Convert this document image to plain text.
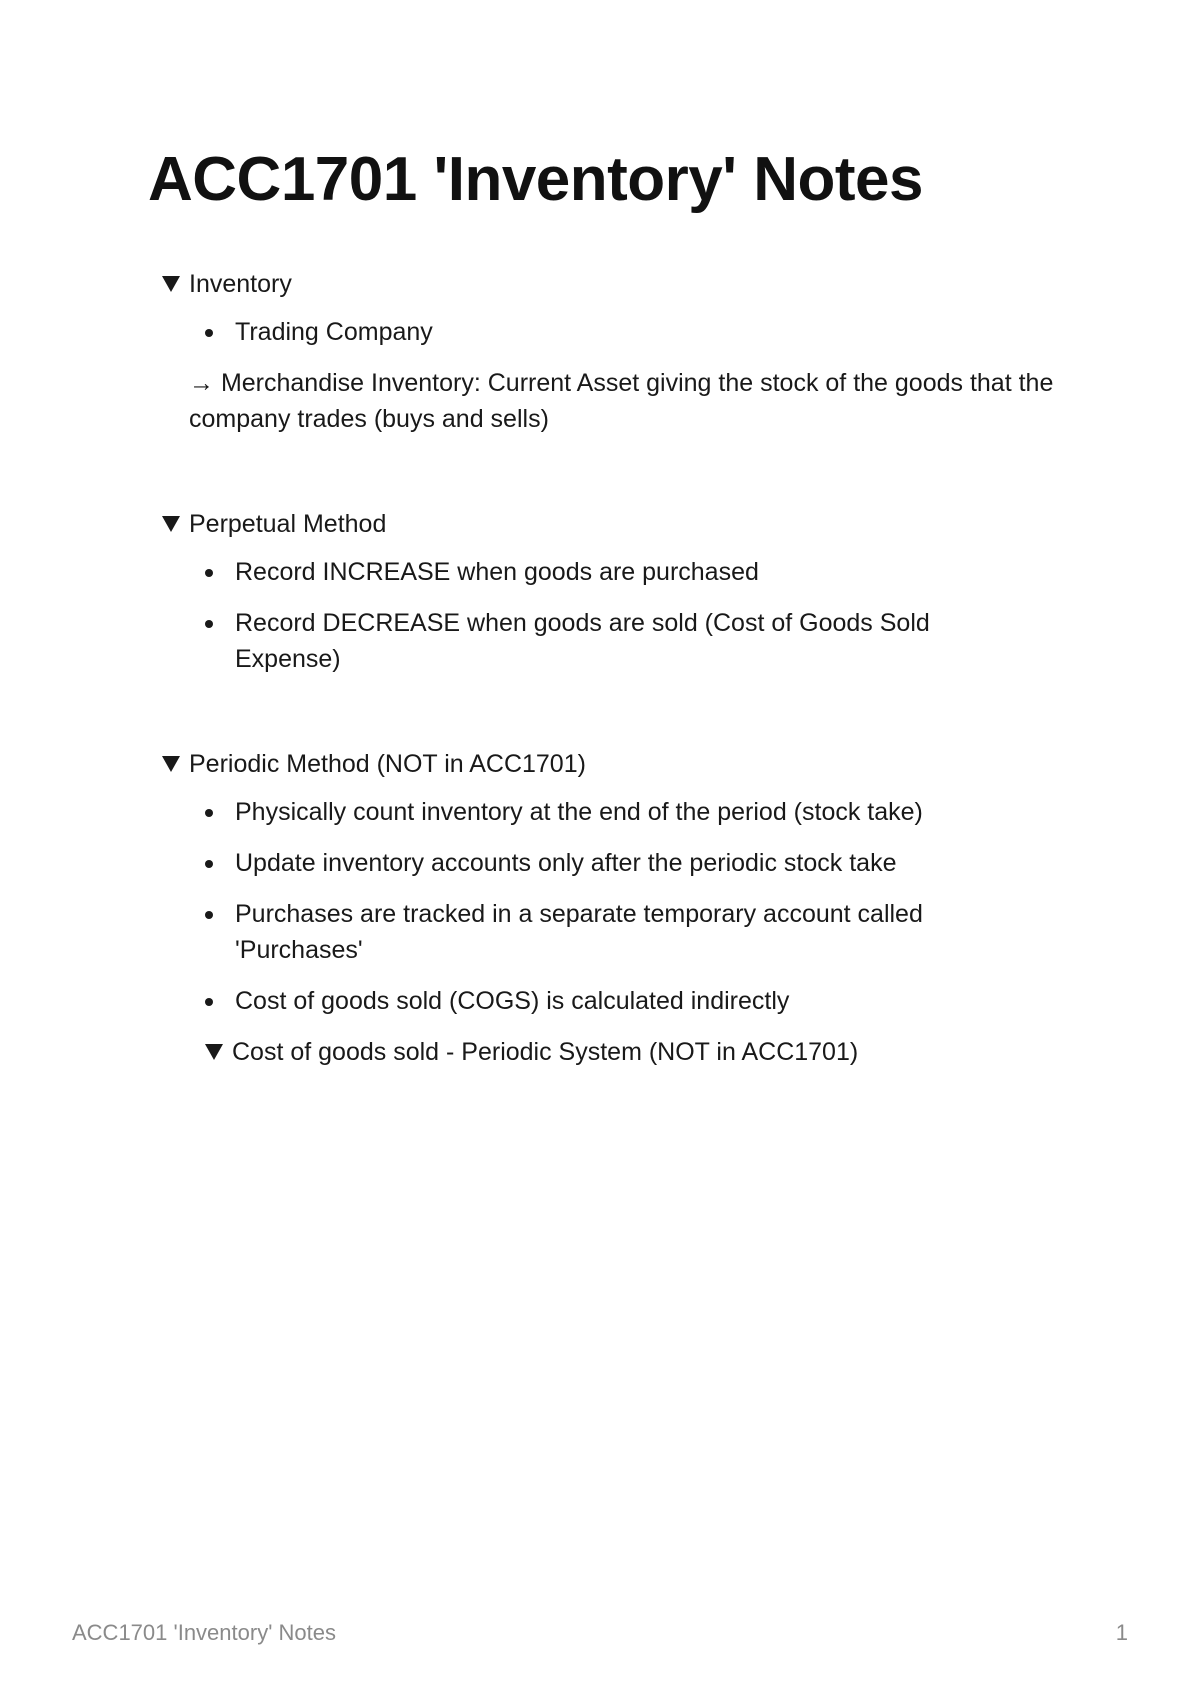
ACC1701 'Inventory' Notes
Inventory
Trading Company
→ Merchandise Inventory: Current Asset giving the stock of the goods that the company trades (buys and sells)
Perpetual Method
Record INCREASE when goods are purchased
Record DECREASE when goods are sold (Cost of Goods Sold Expense)
Periodic Method (NOT in ACC1701)
Physically count inventory at the end of the period (stock take)
Update inventory accounts only after the periodic stock take
Purchases are tracked in a separate temporary account called 'Purchases'
Cost of goods sold (COGS) is calculated indirectly
Cost of goods sold - Periodic System (NOT in ACC1701)
ACC1701 'Inventory' Notes	1
